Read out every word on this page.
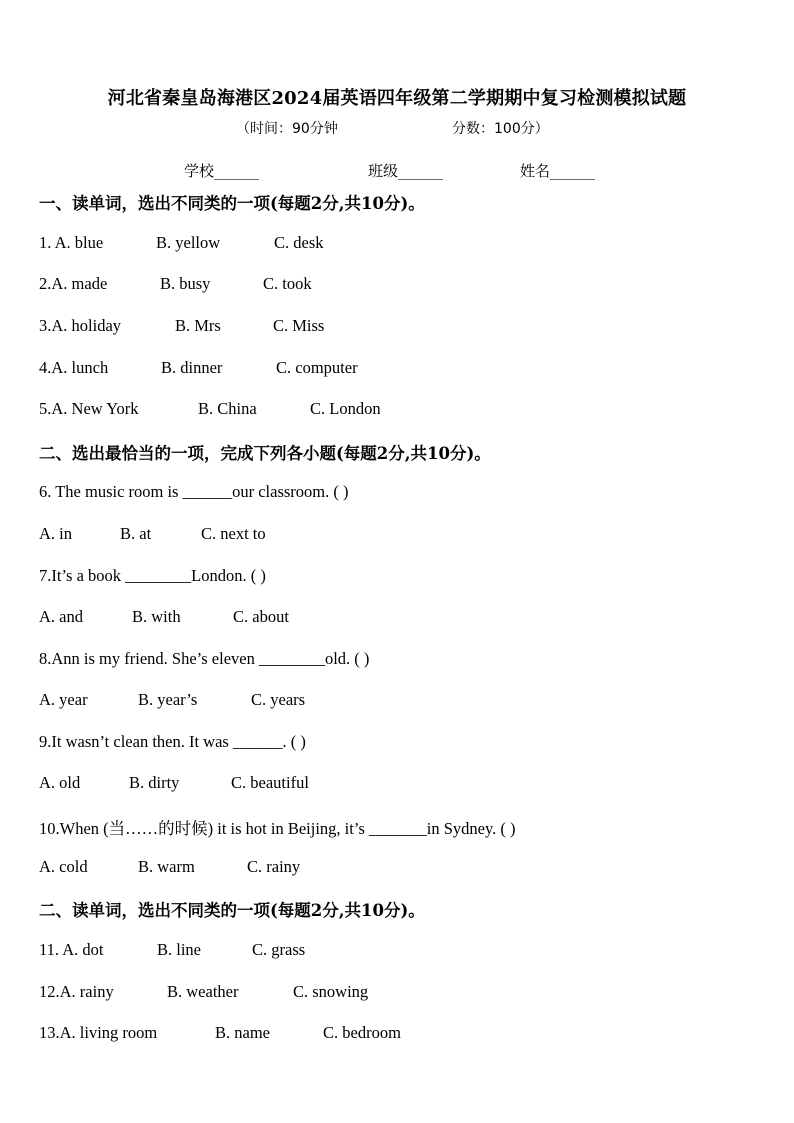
河北省秦皇岛海港区2024届英语四年级第二学期期中复习检测模拟试题
（时间：90分钟	分数：100分）
学校______	班级______	姓名______
一、读单词，选出不同类的一项(每题2分,共10分)。
1. A. blue	B. yellow	C. desk
2.A. made	B. busy	C. took
3.A. holiday	B. Mrs	C. Miss
4.A. lunch	B. dinner	C. computer
5.A. New York	B. China	C. London
二、选出最恰当的一项，完成下列各小题(每题2分,共10分)。
6. The music room is ______our classroom. ( )
A. in	B. at	C. next to
7.It’s a book ________London. ( )
A. and	B. with	C. about
8.Ann is my friend. She’s eleven ________old. ( )
A. year	B. year’s	C. years
9.It wasn’t clean then. It was ______. ( )
A. old	B. dirty	C. beautiful
10.When (当……的时候) it is hot in Beijing, it’s _______in Sydney. ( )
A. cold	B. warm	C. rainy
二、读单词，选出不同类的一项(每题2分,共10分)。
11. A. dot	B. line	C. grass
12.A. rainy	B. weather	C. snowing
13.A. living room	B. name	C. bedroom
